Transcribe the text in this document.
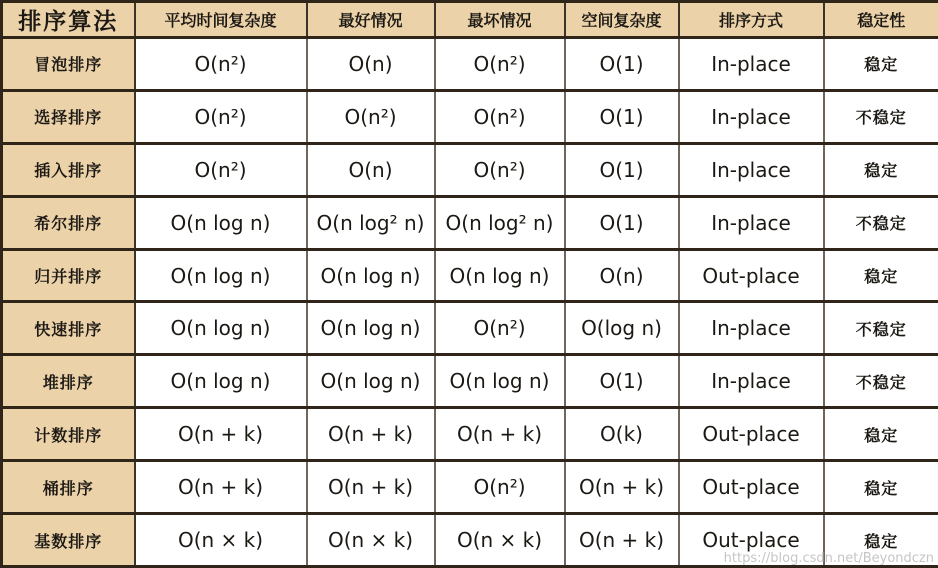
排序算法	平均时间复杂度	最好情况	最坏情况	空间复杂度	排序方式	稳定性
冒泡排序	O(n²)	O(n)	O(n²)	O(1)	In-place	稳定
选择排序	O(n²)	O(n²)	O(n²)	O(1)	In-place	不稳定
插入排序	O(n²)	O(n)	O(n²)	O(1)	In-place	稳定
希尔排序	O(n log n)	O(n log² n)	O(n log² n)	O(1)	In-place	不稳定
归并排序	O(n log n)	O(n log n)	O(n log n)	O(n)	Out-place	稳定
快速排序	O(n log n)	O(n log n)	O(n²)	O(log n)	In-place	不稳定
堆排序	O(n log n)	O(n log n)	O(n log n)	O(1)	In-place	不稳定
计数排序	O(n + k)	O(n + k)	O(n + k)	O(k)	Out-place	稳定
桶排序	O(n + k)	O(n + k)	O(n²)	O(n + k)	Out-place	稳定
基数排序	O(n × k)	O(n × k)	O(n × k)	O(n + k)	Out-place	稳定
https://blog.csdn.net/Beyondczn
